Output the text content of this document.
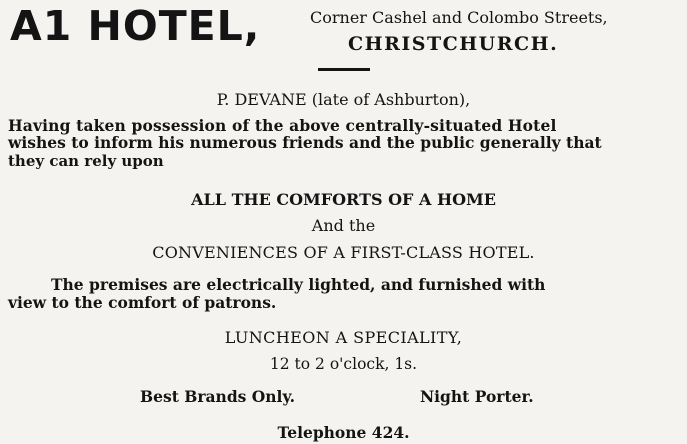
A1 HOTEL,	Corner Cashel and Colombo Streets,
CHRISTCHURCH.
P. DEVANE (late of Ashburton),
Having taken possession of the above centrally-situated Hotel
wishes to inform his numerous friends and the public generally that
they can rely upon
ALL THE COMFORTS OF A HOME
And the
CONVENIENCES OF A FIRST-CLASS HOTEL.
The premises are electrically lighted, and furnished with
view to the comfort of patrons.
LUNCHEON A SPECIALITY,
12 to 2 o'clock, 1s.
Best Brands Only.	Night Porter.
Telephone 424.
